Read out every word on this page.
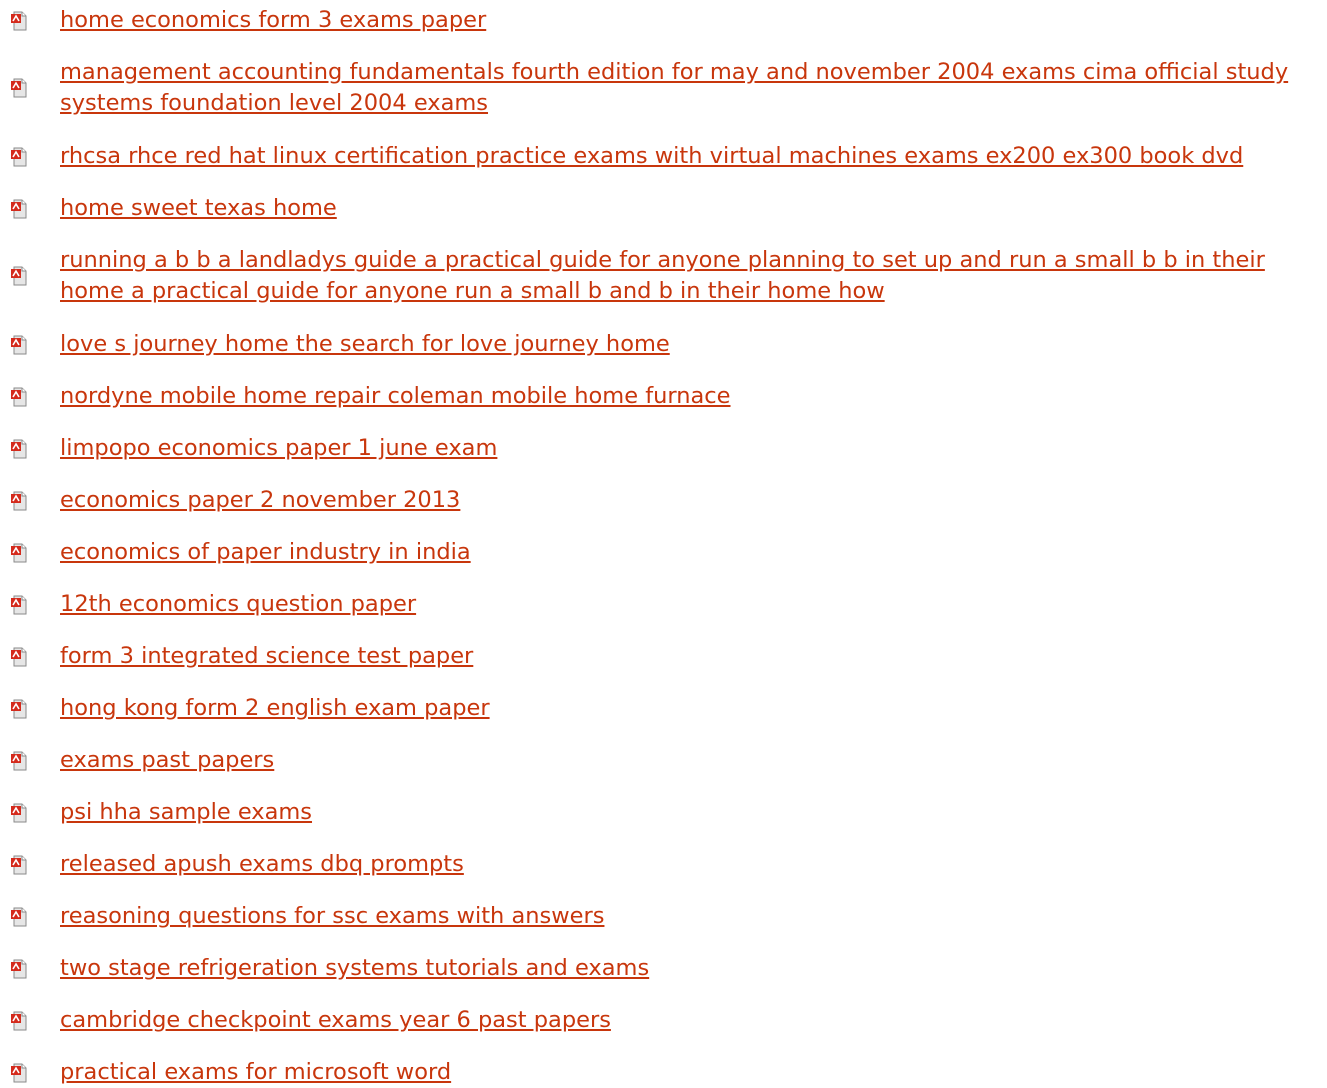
home economics form 3 exams paper
management accounting fundamentals fourth edition for may and november 2004 exams cima official study systems foundation level 2004 exams
rhcsa rhce red hat linux certification practice exams with virtual machines exams ex200 ex300 book dvd
home sweet texas home
running a b b a landladys guide a practical guide for anyone planning to set up and run a small b b in their home a practical guide for anyone run a small b and b in their home how
love s journey home the search for love journey home
nordyne mobile home repair coleman mobile home furnace
limpopo economics paper 1 june exam
economics paper 2 november 2013
economics of paper industry in india
12th economics question paper
form 3 integrated science test paper
hong kong form 2 english exam paper
exams past papers
psi hha sample exams
released apush exams dbq prompts
reasoning questions for ssc exams with answers
two stage refrigeration systems tutorials and exams
cambridge checkpoint exams year 6 past papers
practical exams for microsoft word
